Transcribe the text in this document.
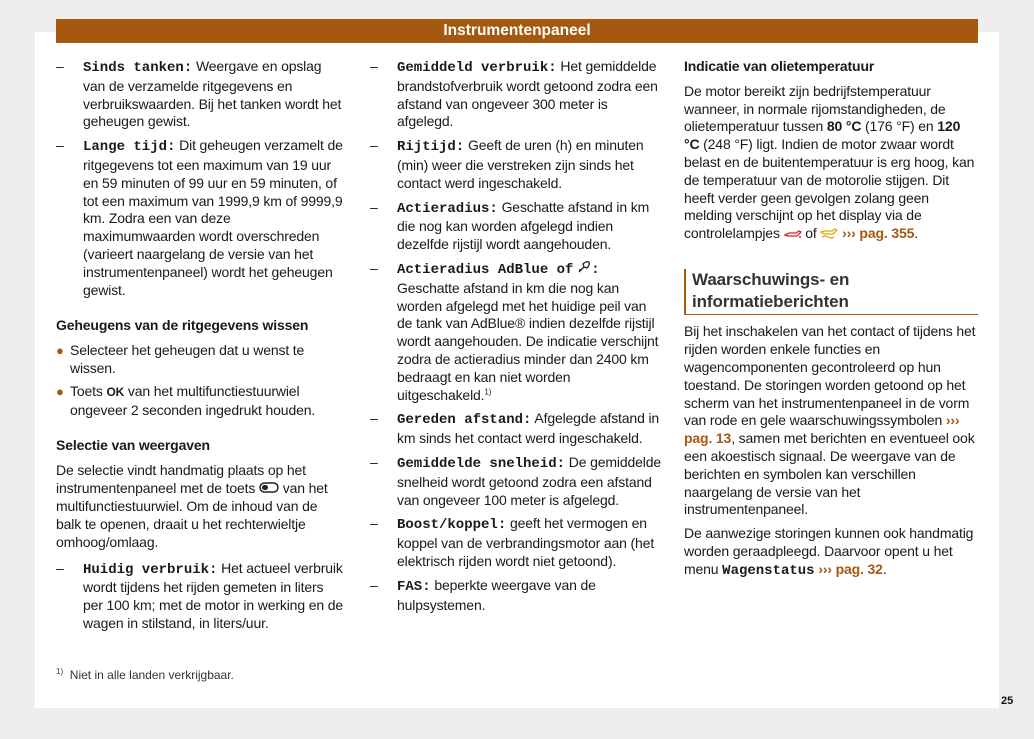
Instrumentenpaneel
–	Sinds tanken: Weergave en opslag van de verzamelde ritgegevens en verbruikswaarden. Bij het tanken wordt het geheugen gewist.
–	Lange tijd: Dit geheugen verzamelt de ritgegevens tot een maximum van 19 uur en 59 minuten of 99 uur en 59 minuten, of tot een maximum van 1999,9 km of 9999,9 km. Zodra een van deze maximumwaarden wordt overschreden (varieert naargelang de versie van het instrumentenpaneel) wordt het geheugen gewist.
Geheugens van de ritgegevens wissen
● Selecteer het geheugen dat u wenst te wissen.
● Toets OK van het multifunctiestuurwiel ongeveer 2 seconden ingedrukt houden.
Selectie van weergaven

De selectie vindt handmatig plaats op het instrumentenpaneel met de toets  van het multifunctiestuurwiel. Om de inhoud van de balk te openen, draait u het rechterwieltje omhoog/omlaag.

–	Huidig verbruik: Het actueel verbruik wordt tijdens het rijden gemeten in liters per 100 km; met de motor in werking en de wagen in stilstand, in liters/uur.
–	Gemiddeld verbruik: Het gemiddelde brandstofverbruik wordt getoond zodra een afstand van ongeveer 300 meter is afgelegd.
–	Rijtijd: Geeft de uren (h) en minuten (min) weer die verstreken zijn sinds het contact werd ingeschakeld.
–	Actieradius: Geschatte afstand in km die nog kan worden afgelegd indien dezelfde rijstijl wordt aangehouden.
–	Actieradius AdBlue of : Geschatte afstand in km die nog kan worden afgelegd met het huidige peil van de tank van AdBlue® indien dezelfde rijstijl wordt aangehouden. De indicatie verschijnt zodra de actieradius minder dan 2400 km bedraagt en kan niet worden uitgeschakeld.$^{1)}$
–	Gereden afstand: Afgelegde afstand in km sinds het contact werd ingeschakeld.
–	Gemiddelde snelheid: De gemiddelde snelheid wordt getoond zodra een afstand van ongeveer 100 meter is afgelegd.
–	Boost/koppel: geeft het vermogen en koppel van de verbrandingsmotor aan (het elektrisch rijden wordt niet getoond).
–	FAS: beperkte weergave van de hulpsystemen.
Indicatie van olietemperatuur

De motor bereikt zijn bedrijfstemperatuur wanneer, in normale rijomstandigheden, de olietemperatuur tussen 80 °C (176 °F) en 120 °C (248 °F) ligt. Indien de motor zwaar wordt belast en de buitentemperatuur is erg hoog, kan de temperatuur van de motorolie stijgen. Dit heeft verder geen gevolgen zolang geen melding verschijnt op het display via de controlelampjes  of  ››› pag. 355.

Waarschuwings- en informatieberichten

Bij het inschakelen van het contact of tijdens het rijden worden enkele functies en wagencomponenten gecontroleerd op hun toestand. De storingen worden getoond op het scherm van het instrumentenpaneel in de vorm van rode en gele waarschuwingssymbolen ››› pag. 13, samen met berichten en eventueel ook een akoestisch signaal. De weergave van de berichten en symbolen kan verschillen naargelang de versie van het instrumentenpaneel.

De aanwezige storingen kunnen ook handmatig worden geraadpleegd. Daarvoor opent u het menu Wagenstatus ››› pag. 32.

$^{1)}$ Niet in alle landen verkrijgbaar.
25
